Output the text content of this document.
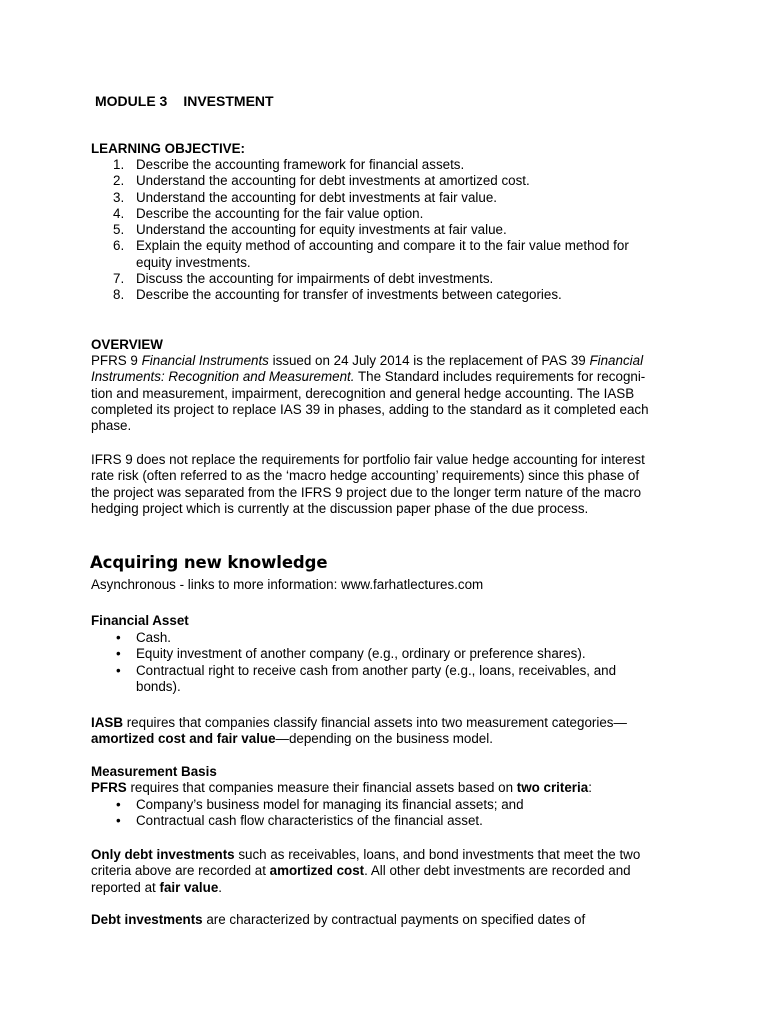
MODULE 3 INVESTMENT
LEARNING OBJECTIVE:
1. Describe the accounting framework for financial assets.
2. Understand the accounting for debt investments at amortized cost.
3. Understand the accounting for debt investments at fair value.
4. Describe the accounting for the fair value option.
5. Understand the accounting for equity investments at fair value.
6. Explain the equity method of accounting and compare it to the fair value method for
equity investments.
7. Discuss the accounting for impairments of debt investments.
8. Describe the accounting for transfer of investments between categories.
OVERVIEW
PFRS 9 Financial Instruments issued on 24 July 2014 is the replacement of PAS 39 Financial
Instruments: Recognition and Measurement. The Standard includes requirements for recogni-
tion and measurement, impairment, derecognition and general hedge accounting. The IASB
completed its project to replace IAS 39 in phases, adding to the standard as it completed each
phase.
IFRS 9 does not replace the requirements for portfolio fair value hedge accounting for interest
rate risk (often referred to as the ‘macro hedge accounting’ requirements) since this phase of
the project was separated from the IFRS 9 project due to the longer term nature of the macro
hedging project which is currently at the discussion paper phase of the due process.
Acquiring new knowledge
Asynchronous - links to more information: www.farhatlectures.com
Financial Asset
• Cash.
• Equity investment of another company (e.g., ordinary or preference shares).
• Contractual right to receive cash from another party (e.g., loans, receivables, and
bonds).
IASB requires that companies classify financial assets into two measurement categories—
amortized cost and fair value—depending on the business model.
Measurement Basis
PFRS requires that companies measure their financial assets based on two criteria:
• Company’s business model for managing its financial assets; and
• Contractual cash flow characteristics of the financial asset.
Only debt investments such as receivables, loans, and bond investments that meet the two
criteria above are recorded at amortized cost. All other debt investments are recorded and
reported at fair value.
Debt investments are characterized by contractual payments on specified dates of
